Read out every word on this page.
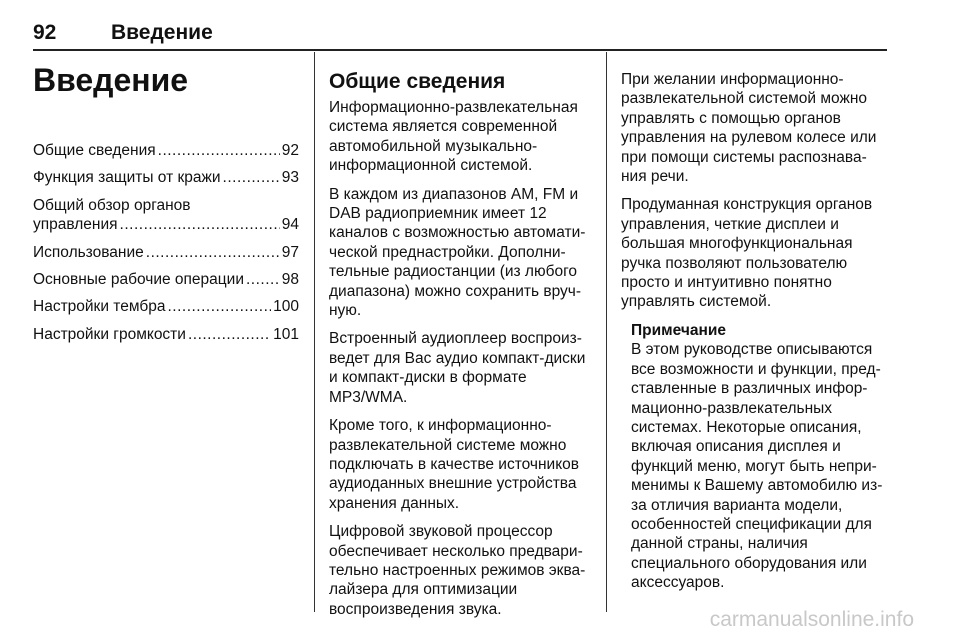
92	Введение
Введение
Общие сведения .....	92
Функция защиты от кражи .....	93
Общий обзор органов
управления .....	94
Использование .....	97
Основные рабочие операции ..... 98
Настройки тембра .....	100
Настройки громкости .....	101
Общие сведения

Информационно-развлекательная система является современной автомобильной музыкально-информационной системой.

В каждом из диапазонов AM, FM и DAB радиоприемник имеет 12 каналов с возможностью автомати-ческой преднастройки. Дополни-тельные радиостанции (из любого диапазона) можно сохранить вруч-ную.

Встроенный аудиоплеер воспроиз-ведет для Вас аудио компакт-диски и компакт-диски в формате MP3/WMA.

Кроме того, к информационно-развлекательной системе можно подключать в качестве источников аудиоданных внешние устройства хранения данных.

Цифровой звуковой процессор обеспечивает несколько предвари-тельно настроенных режимов эква-лайзера для оптимизации воспроизведения звука.

При желании информационно-развлекательной системой можно управлять с помощью органов управления на рулевом колесе или при помощи системы распознава-ния речи.

Продуманная конструкция органов управления, четкие дисплеи и большая многофункциональная ручка позволяют пользователю просто и интуитивно понятно управлять системой.

Примечание
В этом руководстве описываются все возможности и функции, пред-ставленные в различных инфор-мационно-развлекательных системах. Некоторые описания, включая описания дисплея и функций меню, могут быть непри-менимы к Вашему автомобилю из-за отличия варианта модели, особенностей спецификации для данной страны, наличия специального оборудования или аксессуаров.
carmanualsonline.info
